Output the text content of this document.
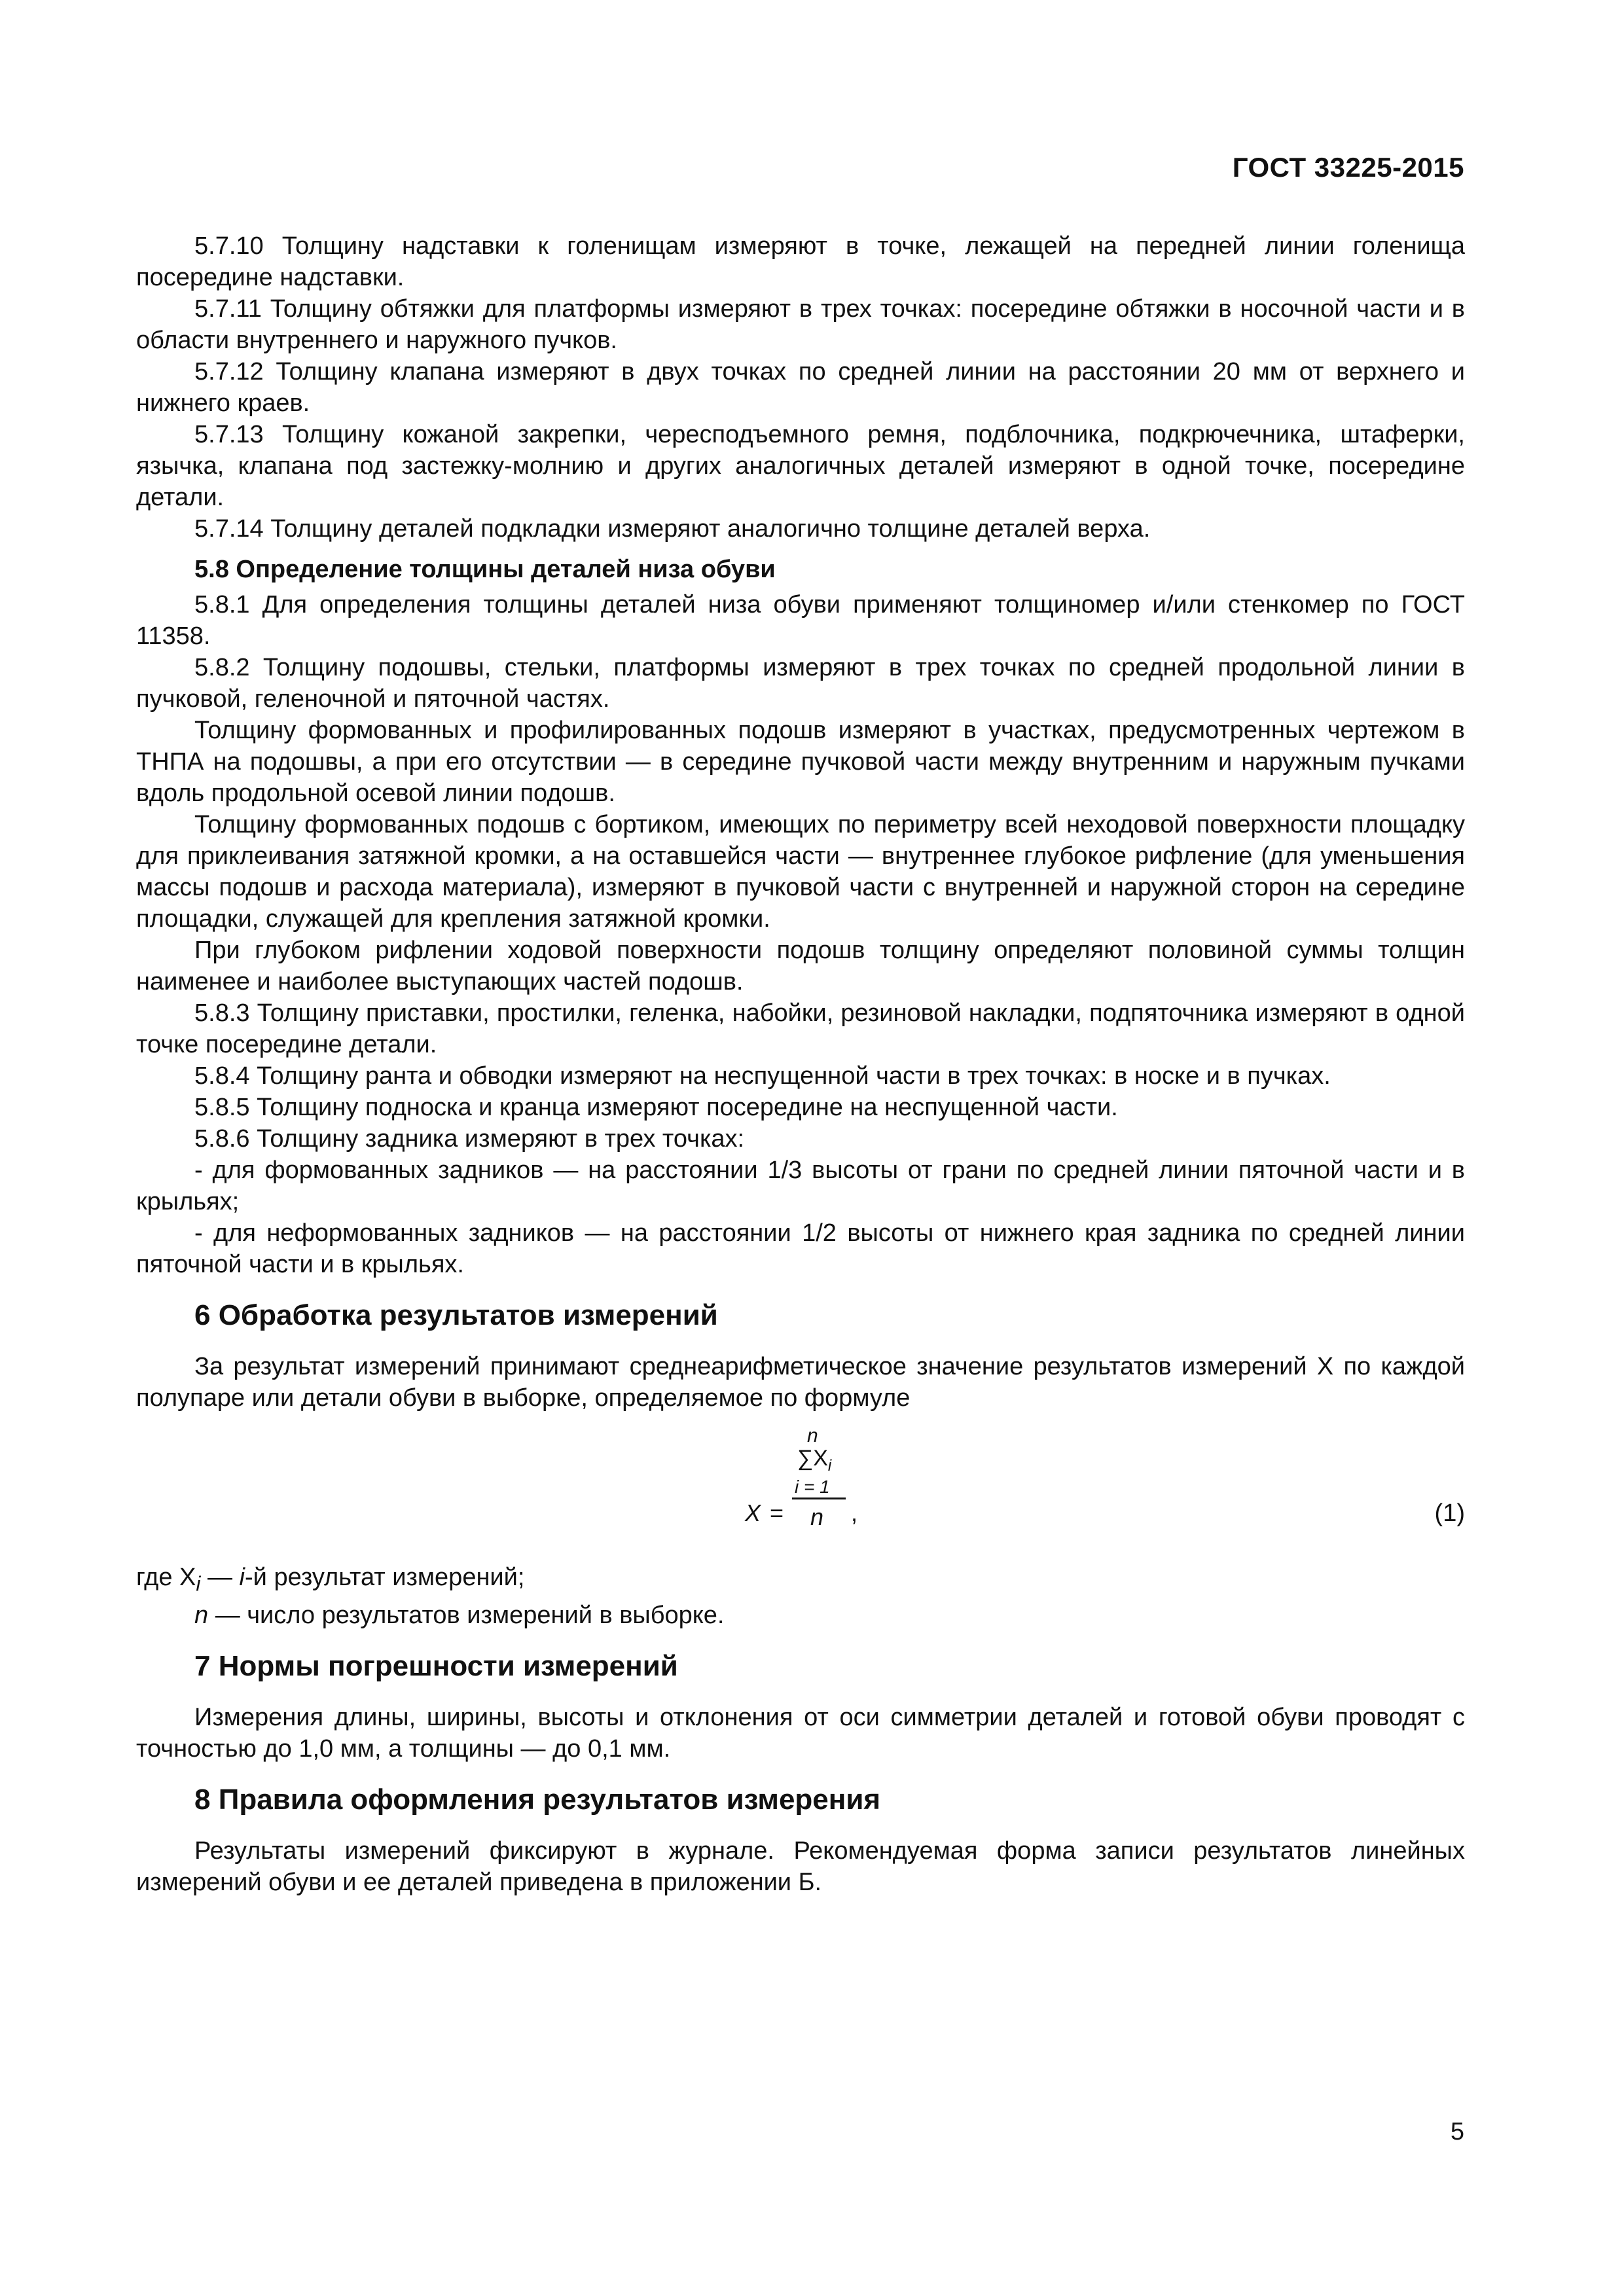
ГОСТ 33225-2015

5.7.10 Толщину надставки к голенищам измеряют в точке, лежащей на передней линии голенища посередине надставки.

5.7.11 Толщину обтяжки для платформы измеряют в трех точках: посередине обтяжки в носочной части и в области внутреннего и наружного пучков.

5.7.12 Толщину клапана измеряют в двух точках по средней линии на расстоянии 20 мм от верхнего и нижнего краев.

5.7.13 Толщину кожаной закрепки, чересподъемного ремня, подблочника, подкрючечника, штаферки, язычка, клапана под застежку-молнию и других аналогичных деталей измеряют в одной точке, посередине детали.

5.7.14 Толщину деталей подкладки измеряют аналогично толщине деталей верха.

5.8 Определение толщины деталей низа обуви

5.8.1 Для определения толщины деталей низа обуви применяют толщиномер и/или стенкомер по ГОСТ 11358.

5.8.2 Толщину подошвы, стельки, платформы измеряют в трех точках по средней продольной линии в пучковой, геленочной и пяточной частях.

Толщину формованных и профилированных подошв измеряют в участках, предусмотренных чертежом в ТНПА на подошвы, а при его отсутствии — в середине пучковой части между внутренним и наружным пучками вдоль продольной осевой линии подошв.

Толщину формованных подошв с бортиком, имеющих по периметру всей неходовой поверхности площадку для приклеивания затяжной кромки, а на оставшейся части — внутреннее глубокое рифление (для уменьшения массы подошв и расхода материала), измеряют в пучковой части с внутренней и наружной сторон на середине площадки, служащей для крепления затяжной кромки.

При глубоком рифлении ходовой поверхности подошв толщину определяют половиной суммы толщин наименее и наиболее выступающих частей подошв.

5.8.3 Толщину приставки, простилки, геленка, набойки, резиновой накладки, подпяточника измеряют в одной точке посередине детали.

5.8.4 Толщину ранта и обводки измеряют на неспущенной части в трех точках: в носке и в пучках.

5.8.5 Толщину подноска и кранца измеряют посередине на неспущенной части.

5.8.6 Толщину задника измеряют в трех точках:

- для формованных задников — на расстоянии 1/3 высоты от грани по средней линии пяточной части и в крыльях;

- для неформованных задников — на расстоянии 1/2 высоты от нижнего края задника по средней линии пяточной части и в крыльях.

6 Обработка результатов измерений

За результат измерений принимают среднеарифметическое значение результатов измерений X по каждой полупаре или детали обуви в выборке, определяемое по формуле

X =
n
$\sum X_i$
i = 1
n ,	(1)

где $X_i$ — i-й результат измерений;

n — число результатов измерений в выборке.

7 Нормы погрешности измерений

Измерения длины, ширины, высоты и отклонения от оси симметрии деталей и готовой обуви проводят с точностью до 1,0 мм, а толщины — до 0,1 мм.

8 Правила оформления результатов измерения

Результаты измерений фиксируют в журнале. Рекомендуемая форма записи результатов линейных измерений обуви и ее деталей приведена в приложении Б.

5
